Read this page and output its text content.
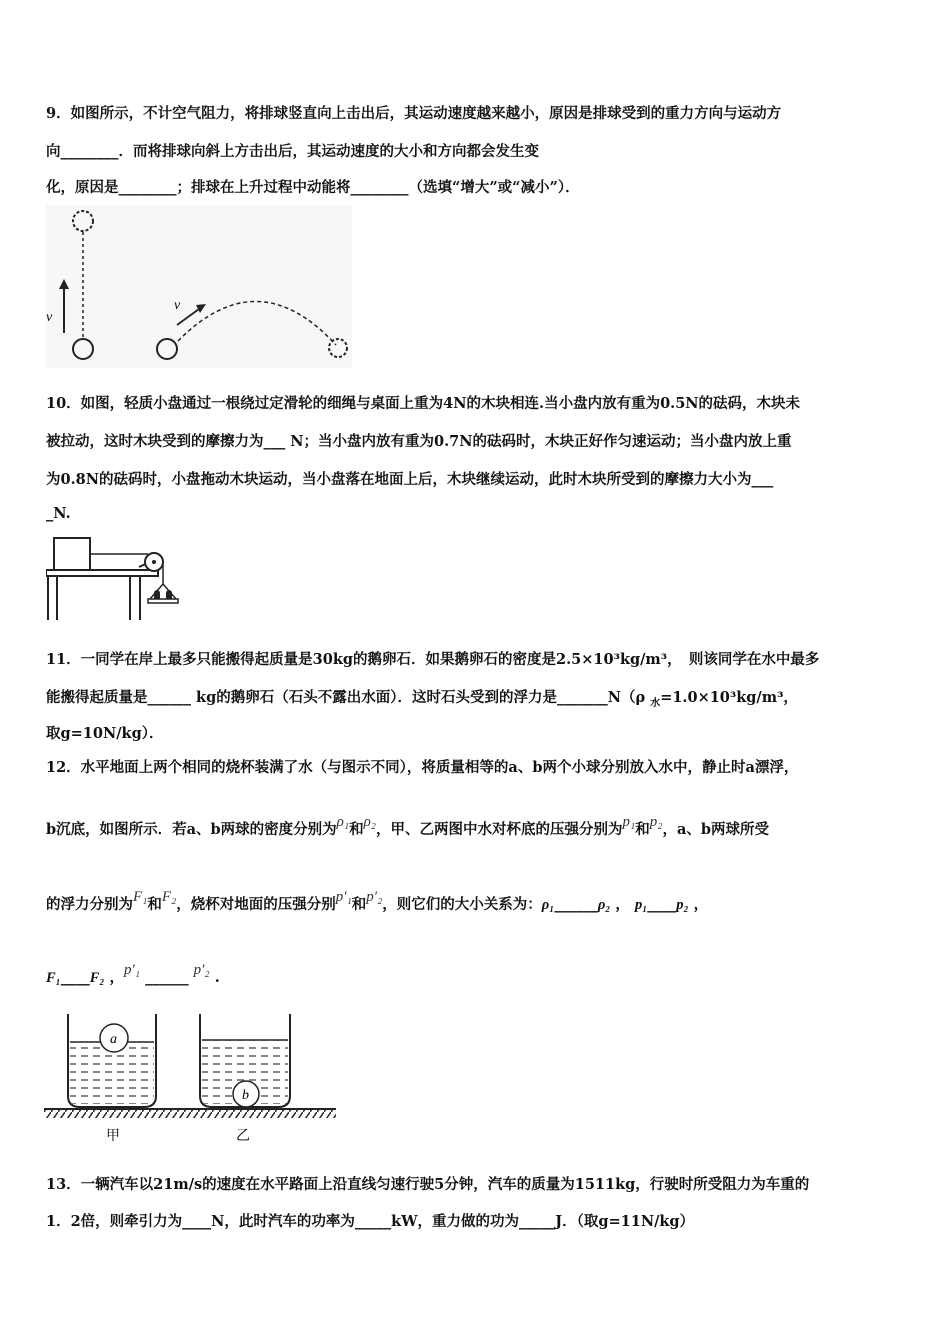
9．如图所示，不计空气阻力，将排球竖直向上击出后，其运动速度越来越小，原因是排球受到的重力方向与运动方
向________．而将排球向斜上方击出后，其运动速度的大小和方向都会发生变
化，原因是________；排球在上升过程中动能将________（选填“增大”或“减小”）．
v
v
10．如图，轻质小盘通过一根绕过定滑轮的细绳与桌面上重为4N的木块相连.当小盘内放有重为0.5N的砝码，木块未
被拉动，这时木块受到的摩擦力为___ N；当小盘内放有重为0.7N的砝码时，木块正好作匀速运动；当小盘内放上重
为0.8N的砝码时，小盘拖动木块运动，当小盘落在地面上后，木块继续运动，此时木块所受到的摩擦力大小为___
_N.
11．一同学在岸上最多只能搬得起质量是30kg的鹅卵石．如果鹅卵石的密度是2.5×10³kg/m³，　则该同学在水中最多
能搬得起质量是______ kg的鹅卵石（石头不露出水面）．这时石头受到的浮力是_______N（ρ $_水$=1.0×10³kg/m³，
取g=10N/kg）．
12．水平地面上两个相同的烧杯装满了水（与图示不同），将质量相等的a、b两个小球分别放入水中，静止时a漂浮，
b沉底，如图所示．若a、b两球的密度分别为ρ₁和ρ₂，甲、乙两图中水对杯底的压强分别为p₁和p₂，a、b两球所受
的浮力分别为F₁和F₂，烧杯对地面的压强分别p′₁和p′₂，则它们的大小关系为：ρ₁______ρ₂ ， p₁____p₂ ，
F₁____F₂ ，p′₁ ______ p′₂ .
a
b
甲	乙
13．一辆汽车以21m/s的速度在水平路面上沿直线匀速行驶5分钟，汽车的质量为1511kg，行驶时所受阻力为车重的
1．2倍，则牵引力为____N，此时汽车的功率为_____kW，重力做的功为_____J．（取g=11N/kg）
